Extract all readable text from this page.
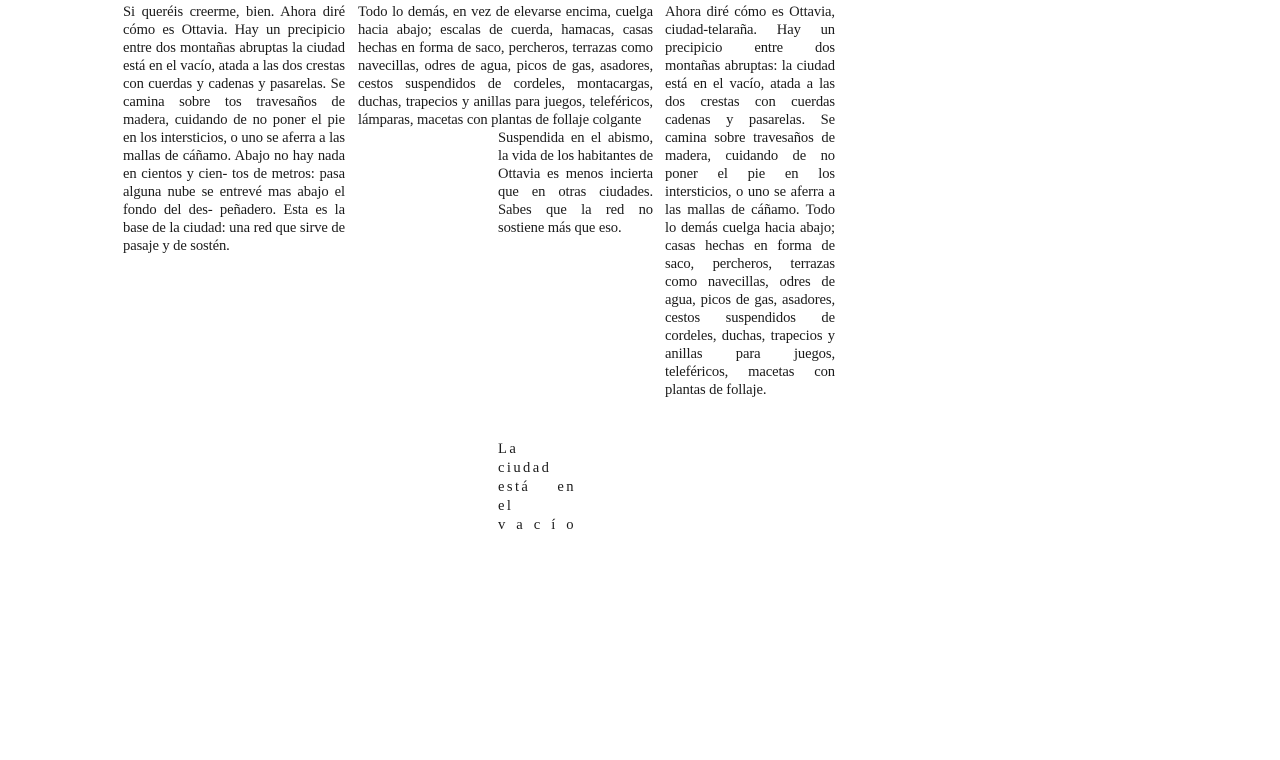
Si queréis creerme, bien. Ahora diré cómo es Ottavia. Hay un precipicio entre dos montañas abruptas la ciudad está en el vacío, atada a las dos crestas con cuerdas y cadenas y pasarelas. Se camina sobre tos travesaños de madera, cuidando de no poner el pie en los intersticios, o uno se aferra a las mallas de cáñamo. Abajo no hay nada en cientos y cien- tos de metros: pasa alguna nube se entrevé mas abajo el fondo del des- peñadero. Esta es la base de la ciudad: una red que sirve de pasaje y de sostén.

Todo lo demás, en vez de elevarse encima, cuelga hacia abajo; escalas de cuerda, hamacas, casas hechas en forma de saco, percheros, terrazas como navecillas, odres de agua, picos de gas, asadores, cestos suspendidos de cordeles, montacargas, duchas, trapecios y anillas para juegos, teleféricos, lámparas, macetas con plantas de follaje colgante

Suspendida en el abismo, la vida de los habitantes de Ottavia es menos incierta que en otras ciudades. Sabes que la red no sostiene más que eso.

Ahora diré cómo es Ottavia, ciudad-telaraña. Hay un precipicio entre dos montañas abruptas: la ciudad está en el vacío, atada a las dos crestas con cuerdas cadenas y pasarelas. Se camina sobre travesaños de madera, cuidando de no poner el pie en los intersticios, o uno se aferra a las mallas de cáñamo. Todo lo demás cuelga hacia abajo; casas hechas en forma de saco, percheros, terrazas como navecillas, odres de agua, picos de gas, asadores, cestos suspendidos de cordeles, duchas, trapecios y anillas para juegos, teleféricos, macetas con plantas de follaje.

La ciudad
está en el
v a c í o
